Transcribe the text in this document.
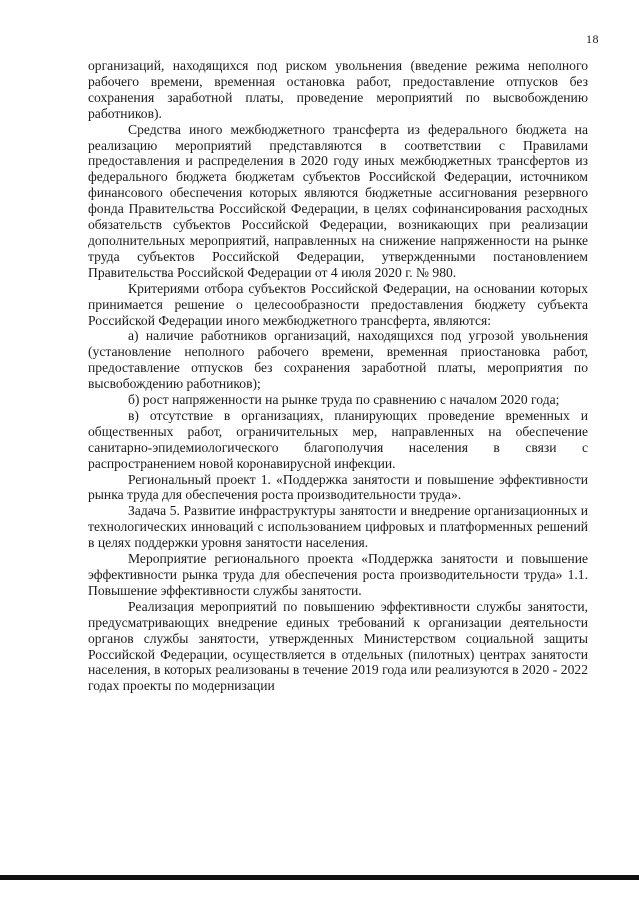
18

организаций, находящихся под риском увольнения (введение режима неполного рабочего времени, временная остановка работ, предоставление отпусков без сохранения заработной платы, проведение мероприятий по высвобождению работников).

Средства иного межбюджетного трансферта из федерального бюджета на реализацию мероприятий представляются в соответствии с Правилами предоставления и распределения в 2020 году иных межбюджетных трансфертов из федерального бюджета бюджетам субъектов Российской Федерации, источником финансового обеспечения которых являются бюджетные ассигнования резервного фонда Правительства Российской Федерации, в целях софинансирования расходных обязательств субъектов Российской Федерации, возникающих при реализации дополнительных мероприятий, направленных на снижение напряженности на рынке труда субъектов Российской Федерации, утвержденными постановлением Правительства Российской Федерации от 4 июля 2020 г. № 980.

Критериями отбора субъектов Российской Федерации, на основании которых принимается решение о целесообразности предоставления бюджету субъекта Российской Федерации иного межбюджетного трансферта, являются:

а) наличие работников организаций, находящихся под угрозой увольнения (установление неполного рабочего времени, временная приостановка работ, предоставление отпусков без сохранения заработной платы, мероприятия по высвобождению работников);

б) рост напряженности на рынке труда по сравнению с началом 2020 года;

в) отсутствие в организациях, планирующих проведение временных и общественных работ, ограничительных мер, направленных на обеспечение санитарно-эпидемиологического благополучия населения в связи с распространением новой коронавирусной инфекции.

Региональный проект 1. «Поддержка занятости и повышение эффективности рынка труда для обеспечения роста производительности труда».

Задача 5. Развитие инфраструктуры занятости и внедрение организационных и технологических инноваций с использованием цифровых и платформенных решений в целях поддержки уровня занятости населения.

Мероприятие регионального проекта «Поддержка занятости и повышение эффективности рынка труда для обеспечения роста производительности труда» 1.1. Повышение эффективности службы занятости.

Реализация мероприятий по повышению эффективности службы занятости, предусматривающих внедрение единых требований к организации деятельности органов службы занятости, утвержденных Министерством социальной защиты Российской Федерации, осуществляется в отдельных (пилотных) центрах занятости населения, в которых реализованы в течение 2019 года или реализуются в 2020 - 2022 годах проекты по модернизации
